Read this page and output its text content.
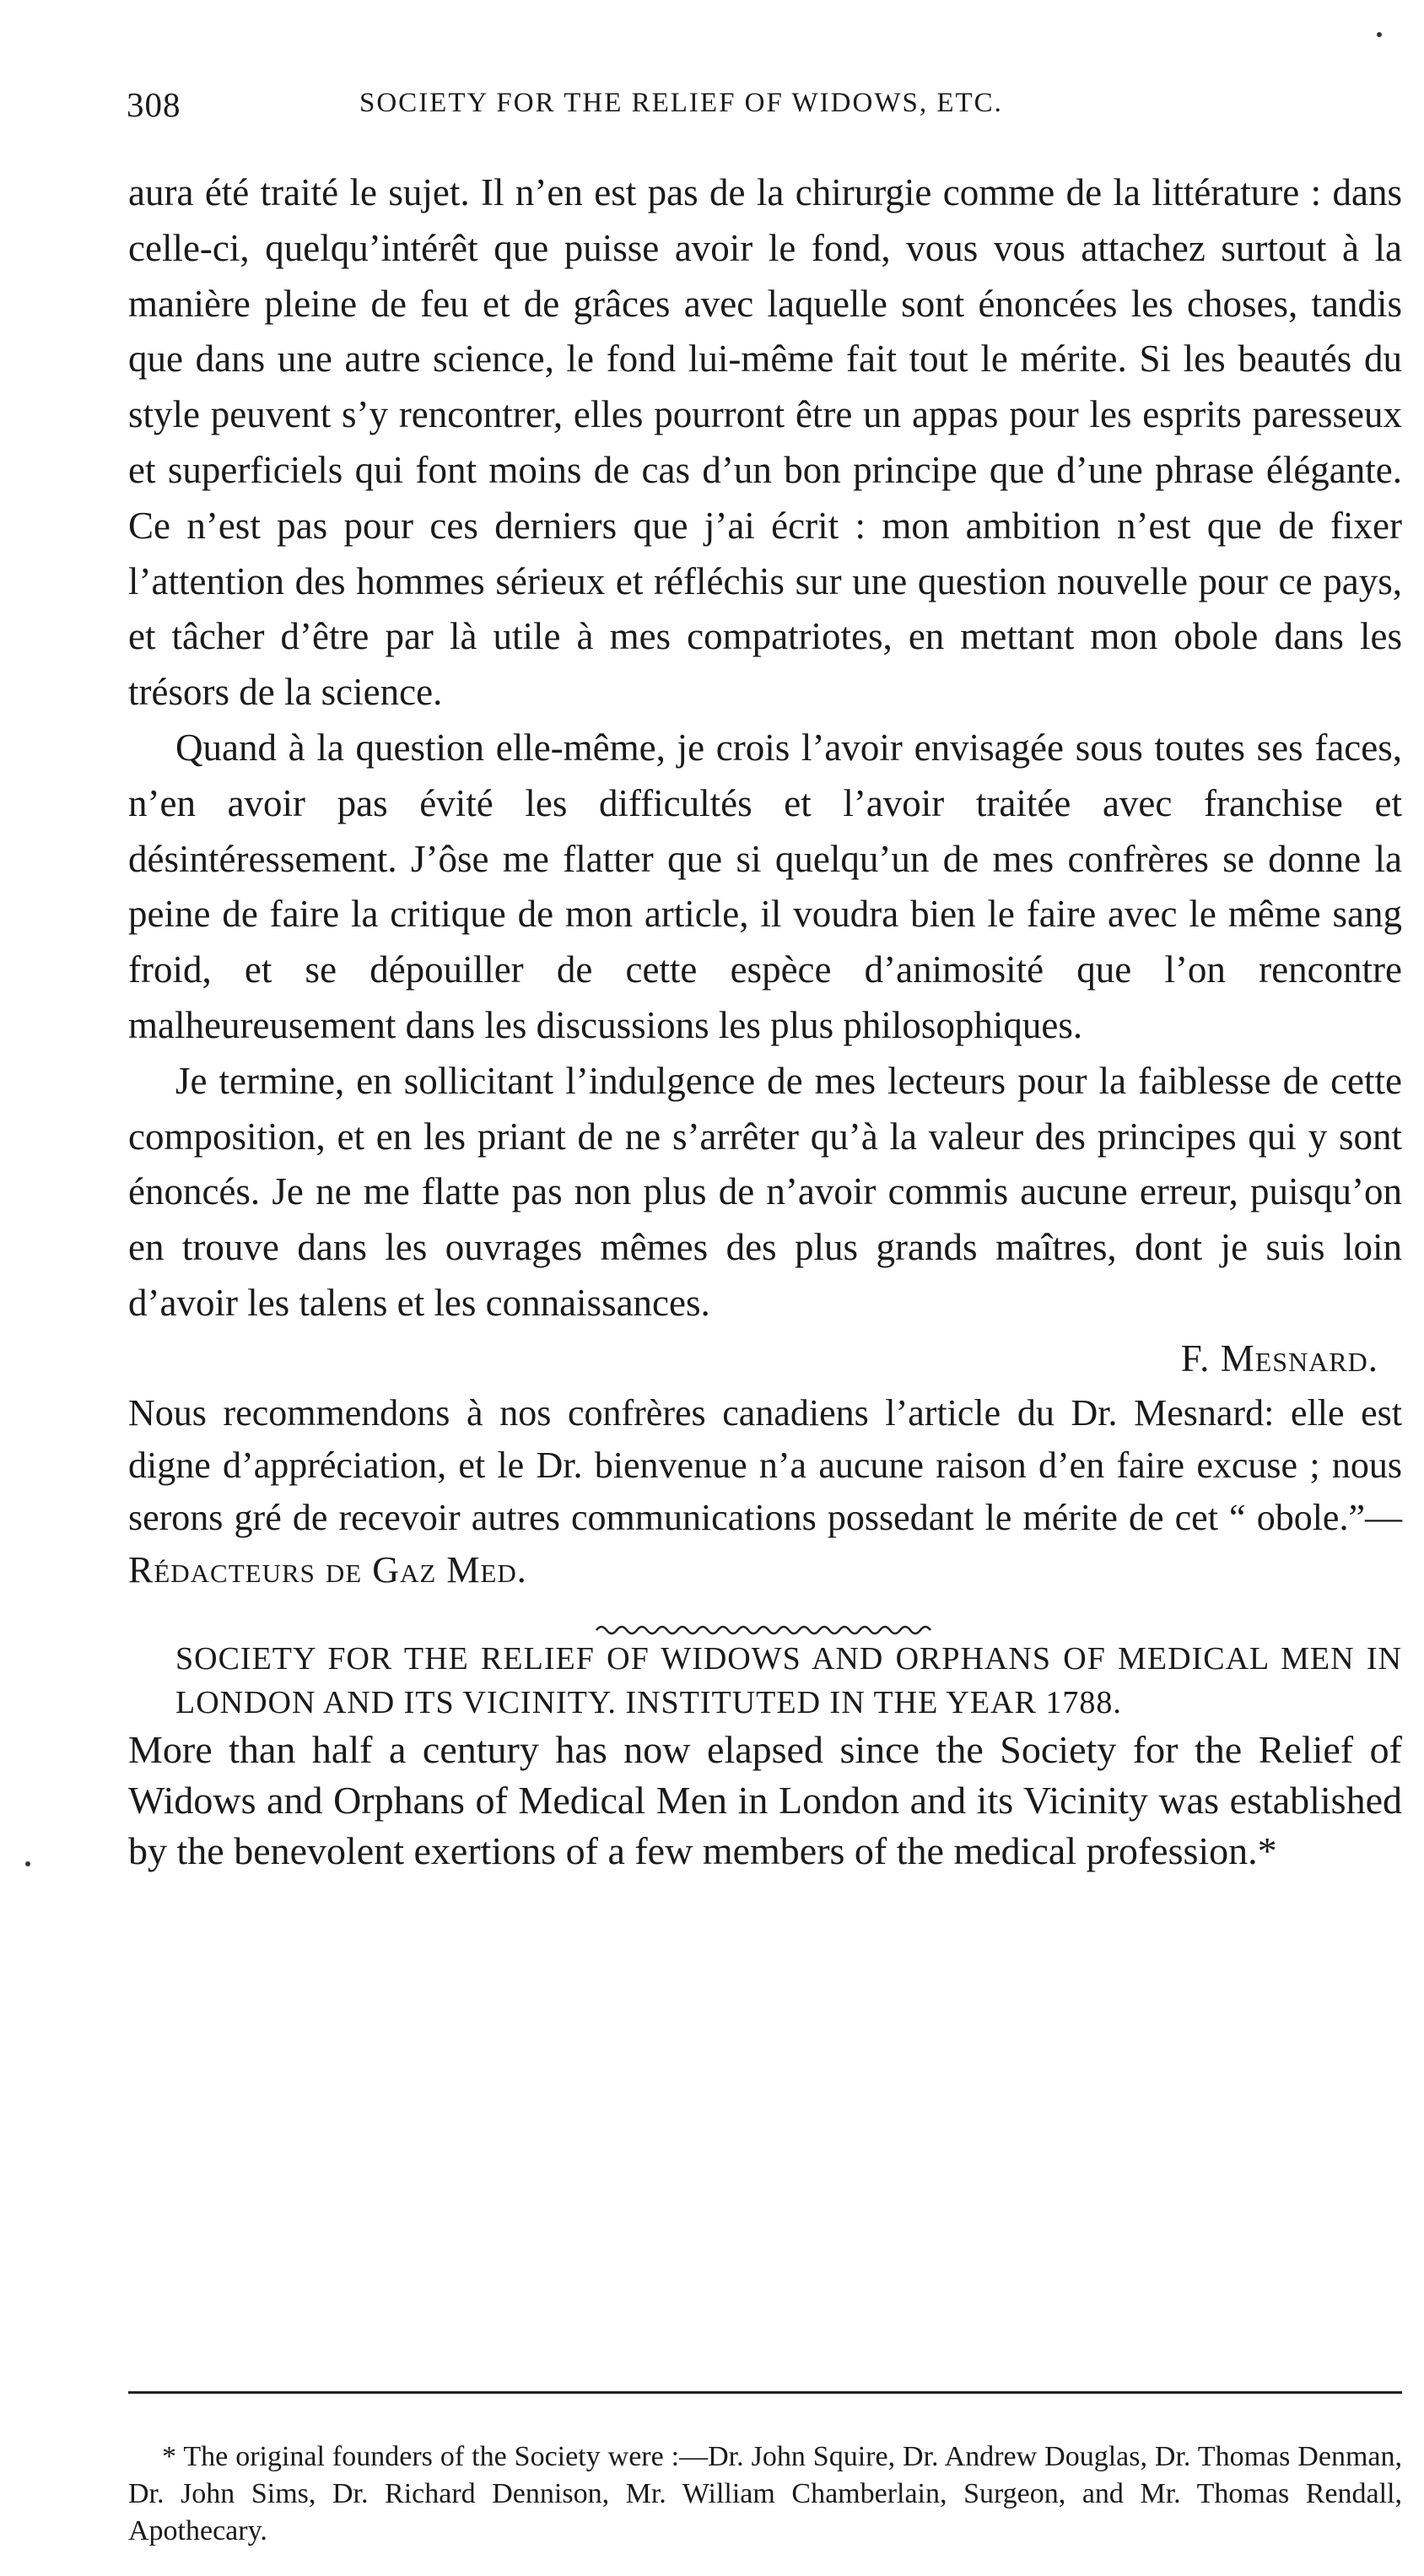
308	SOCIETY FOR THE RELIEF OF WIDOWS, ETC.

aura été traité le sujet. Il n’en est pas de la chirurgie comme de la littérature : dans celle-ci, quelqu’intérêt que puisse avoir le fond, vous vous attachez surtout à la manière pleine de feu et de grâces avec laquelle sont énoncées les choses, tandis que dans une autre science, le fond lui-même fait tout le mérite. Si les beautés du style peuvent s’y rencontrer, elles pourront être un appas pour les esprits paresseux et superficiels qui font moins de cas d’un bon principe que d’une phrase élégante. Ce n’est pas pour ces derniers que j’ai écrit : mon ambition n’est que de fixer l’attention des hommes sérieux et réfléchis sur une question nouvelle pour ce pays, et tâcher d’être par là utile à mes compatriotes, en mettant mon obole dans les trésors de la science.

Quand à la question elle-même, je crois l’avoir envisagée sous toutes ses faces, n’en avoir pas évité les difficultés et l’avoir traitée avec franchise et désintéressement. J’ôse me flatter que si quelqu’un de mes confrères se donne la peine de faire la critique de mon article, il voudra bien le faire avec le même sang froid, et se dépouiller de cette espèce d’animosité que l’on rencontre malheureusement dans les discussions les plus philosophiques.

Je termine, en sollicitant l’indulgence de mes lecteurs pour la faiblesse de cette composition, et en les priant de ne s’arrêter qu’à la valeur des principes qui y sont énoncés. Je ne me flatte pas non plus de n’avoir commis aucune erreur, puisqu’on en trouve dans les ouvrages mêmes des plus grands maîtres, dont je suis loin d’avoir les talens et les connaissances.

F. Mesnard.

Nous recommendons à nos confrères canadiens l’article du Dr. Mesnard: elle est digne d’appréciation, et le Dr. bienvenue n’a aucune raison d’en faire excuse ; nous serons gré de recevoir autres communications possedant le mérite de cet “ obole.”—Rédacteurs de Gaz Med.

SOCIETY FOR THE RELIEF OF WIDOWS AND ORPHANS OF MEDICAL MEN IN LONDON AND ITS VICINITY. INSTITUTED IN THE YEAR 1788.

More than half a century has now elapsed since the Society for the Relief of Widows and Orphans of Medical Men in London and its Vicinity was established by the benevolent exertions of a few members of the medical profession.*

* The original founders of the Society were :—Dr. John Squire, Dr. Andrew Douglas, Dr. Thomas Denman, Dr. John Sims, Dr. Richard Dennison, Mr. William Chamberlain, Surgeon, and Mr. Thomas Rendall, Apothecary.
